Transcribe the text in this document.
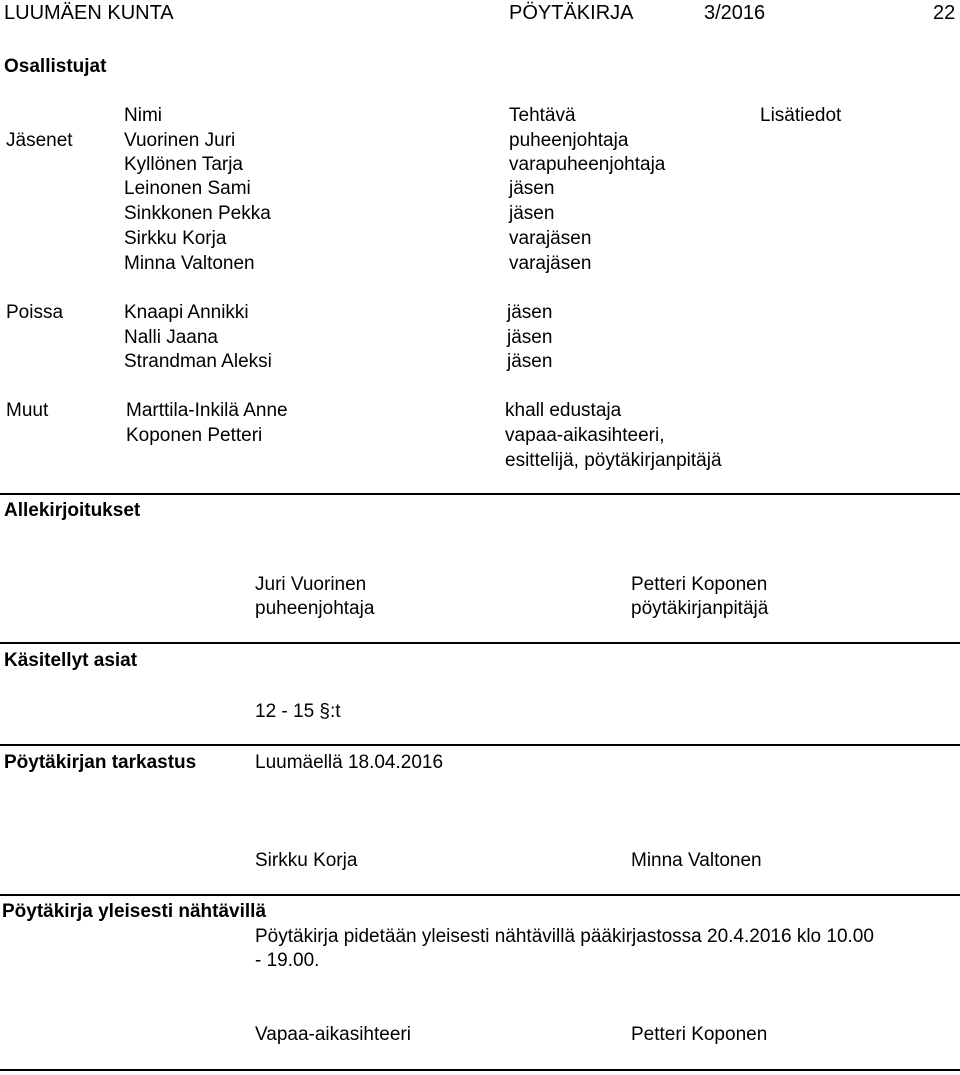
LUUMÄEN KUNTA	PÖYTÄKIRJA	3/2016	22
Osallistujat
Nimi	Tehtävä	Lisätiedot
Jäsenet	Vuorinen Juri	puheenjohtaja
Kyllönen Tarja	varapuheenjohtaja
Leinonen Sami	jäsen
Sinkkonen Pekka	jäsen
Sirkku Korja	varajäsen
Minna Valtonen	varajäsen
Poissa	Knaapi Annikki	jäsen
Nalli Jaana	jäsen
Strandman Aleksi	jäsen
Muut	Marttila-Inkilä Anne	khall edustaja
Koponen Petteri	vapaa-aikasihteeri,
esittelijä, pöytäkirjanpitäjä
Allekirjoitukset
Juri Vuorinen
puheenjohtaja
Petteri Koponen
pöytäkirjanpitäjä
Käsitellyt asiat
12 - 15 §:t
Pöytäkirjan tarkastus	Luumäellä 18.04.2016
Sirkku Korja	Minna Valtonen
Pöytäkirja yleisesti nähtävillä
Pöytäkirja pidetään yleisesti nähtävillä pääkirjastossa 20.4.2016 klo 10.00
- 19.00.
Vapaa-aikasihteeri	Petteri Koponen
